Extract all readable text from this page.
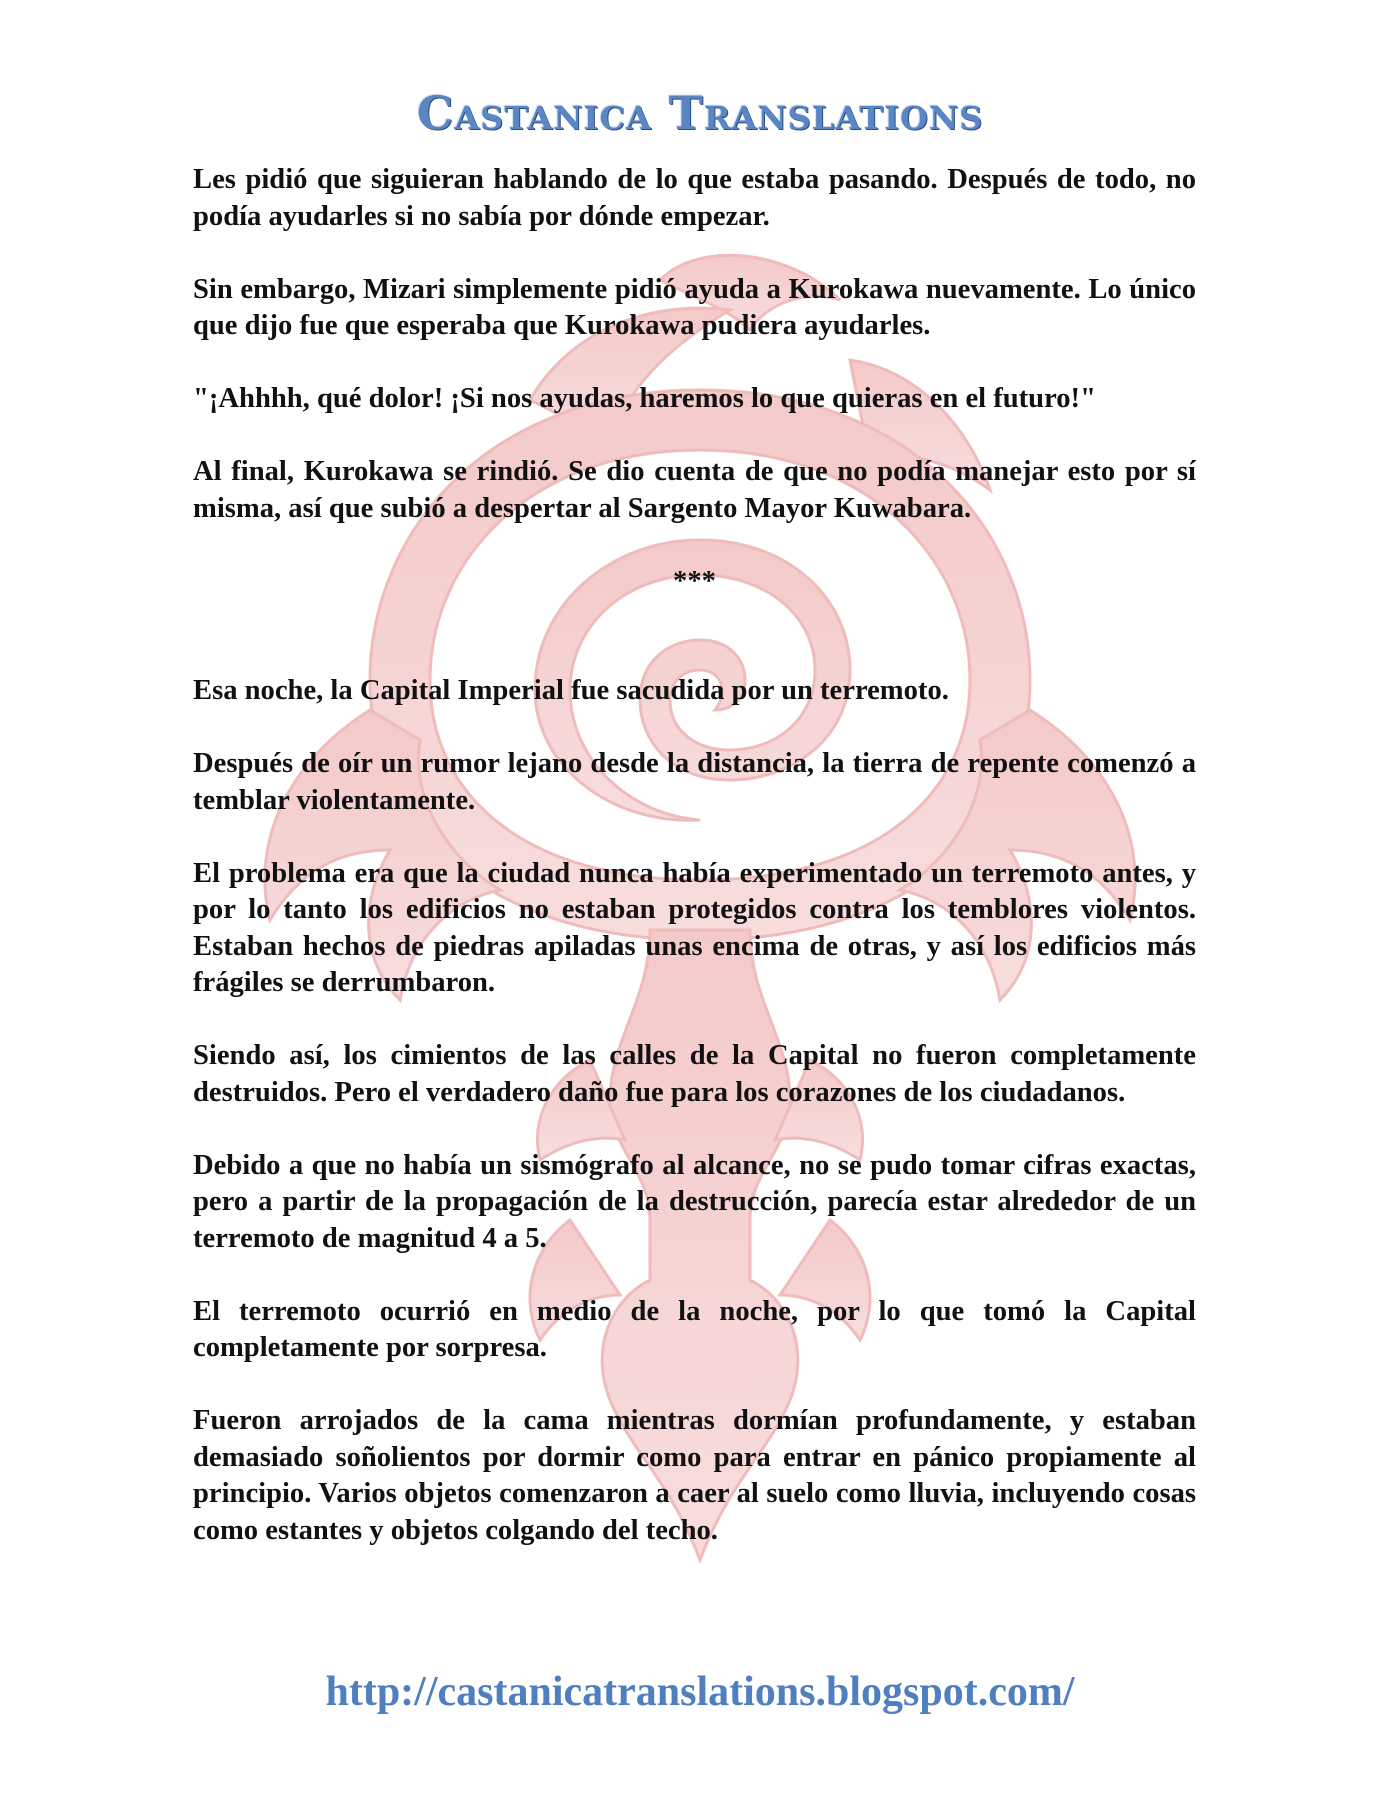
Castanica Translations

Les pidió que siguieran hablando de lo que estaba pasando. Después de todo, no podía ayudarles si no sabía por dónde empezar.

Sin embargo, Mizari simplemente pidió ayuda a Kurokawa nuevamente. Lo único que dijo fue que esperaba que Kurokawa pudiera ayudarles.

"¡Ahhhh, qué dolor! ¡Si nos ayudas, haremos lo que quieras en el futuro!"

Al final, Kurokawa se rindió. Se dio cuenta de que no podía manejar esto por sí misma, así que subió a despertar al Sargento Mayor Kuwabara.

***

Esa noche, la Capital Imperial fue sacudida por un terremoto.

Después de oír un rumor lejano desde la distancia, la tierra de repente comenzó a temblar violentamente.

El problema era que la ciudad nunca había experimentado un terremoto antes, y por lo tanto los edificios no estaban protegidos contra los temblores violentos. Estaban hechos de piedras apiladas unas encima de otras, y así los edificios más frágiles se derrumbaron.

Siendo así, los cimientos de las calles de la Capital no fueron completamente destruidos. Pero el verdadero daño fue para los corazones de los ciudadanos.

Debido a que no había un sismógrafo al alcance, no se pudo tomar cifras exactas, pero a partir de la propagación de la destrucción, parecía estar alrededor de un terremoto de magnitud 4 a 5.

El terremoto ocurrió en medio de la noche, por lo que tomó la Capital completamente por sorpresa.

Fueron arrojados de la cama mientras dormían profundamente, y estaban demasiado soñolientos por dormir como para entrar en pánico propiamente al principio. Varios objetos comenzaron a caer al suelo como lluvia, incluyendo cosas como estantes y objetos colgando del techo.

http://castanicatranslations.blogspot.com/
